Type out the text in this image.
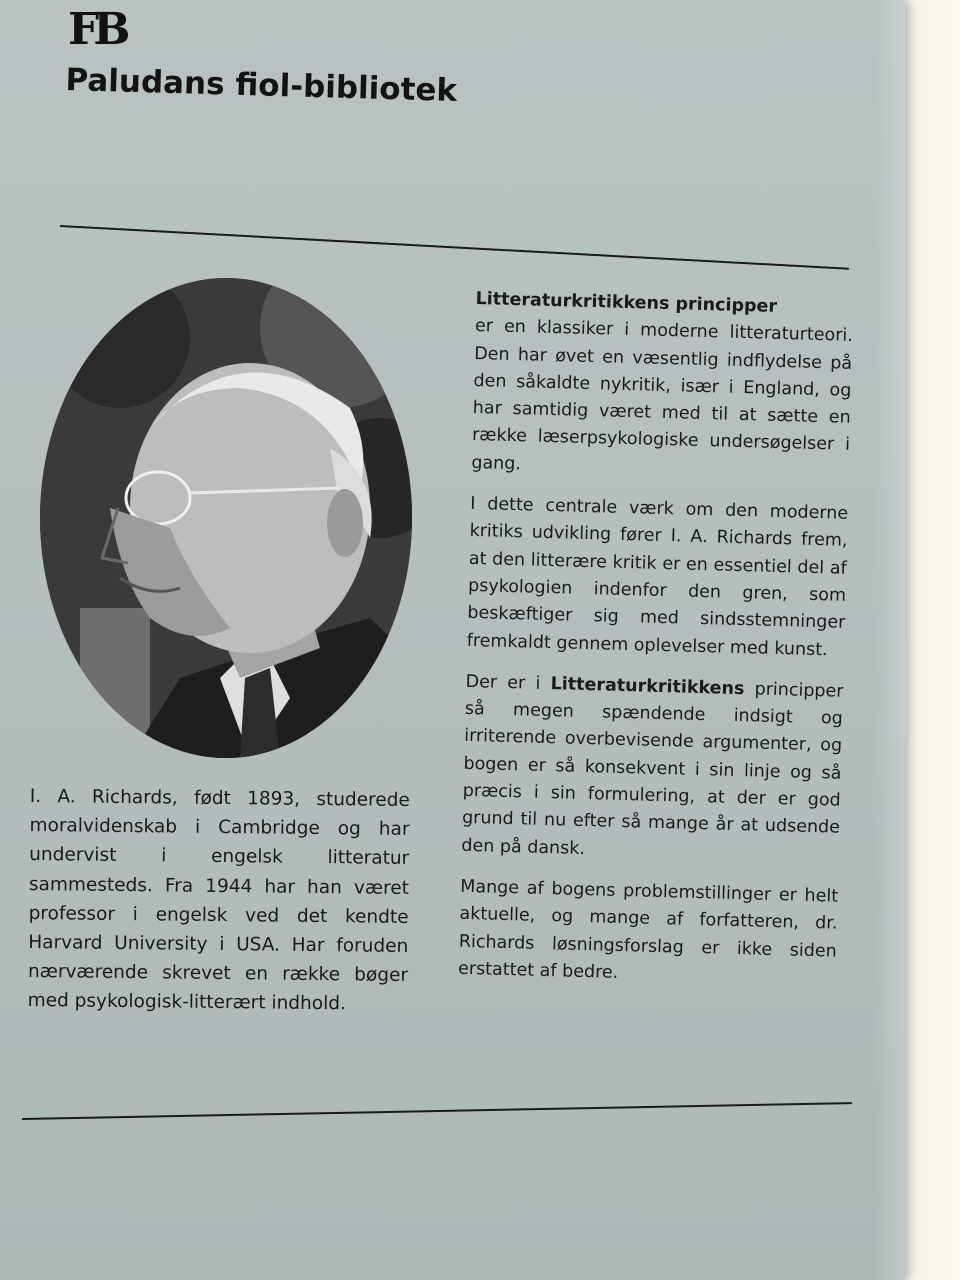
FB
Paludans fiol-bibliotek
I. A. Richards, født 1893, studerede moralvidenskab i Cambridge og har undervist i engelsk litteratur sammesteds. Fra 1944 har han været professor i engelsk ved det kendte Harvard University i USA. Har foruden nærværende skrevet en række bøger med psykologisk-litterært indhold.

Litteraturkritikkens principper
er en klassiker i moderne litteraturteori. Den har øvet en væsentlig indflydelse på den såkaldte nykritik, især i England, og har samtidig været med til at sætte en række læserpsykologiske undersøgelser i gang.

I dette centrale værk om den moderne kritiks udvikling fører I. A. Richards frem, at den litterære kritik er en essentiel del af psykologien indenfor den gren, som beskæftiger sig med sindsstemninger fremkaldt gennem oplevelser med kunst.

Der er i Litteraturkritikkens principper så megen spændende indsigt og irriterende overbevisende argumenter, og bogen er så konsekvent i sin linje og så præcis i sin formulering, at der er god grund til nu efter så mange år at udsende den på dansk.

Mange af bogens problemstillinger er helt aktuelle, og mange af forfatteren, dr. Richards løsningsforslag er ikke siden erstattet af bedre.
